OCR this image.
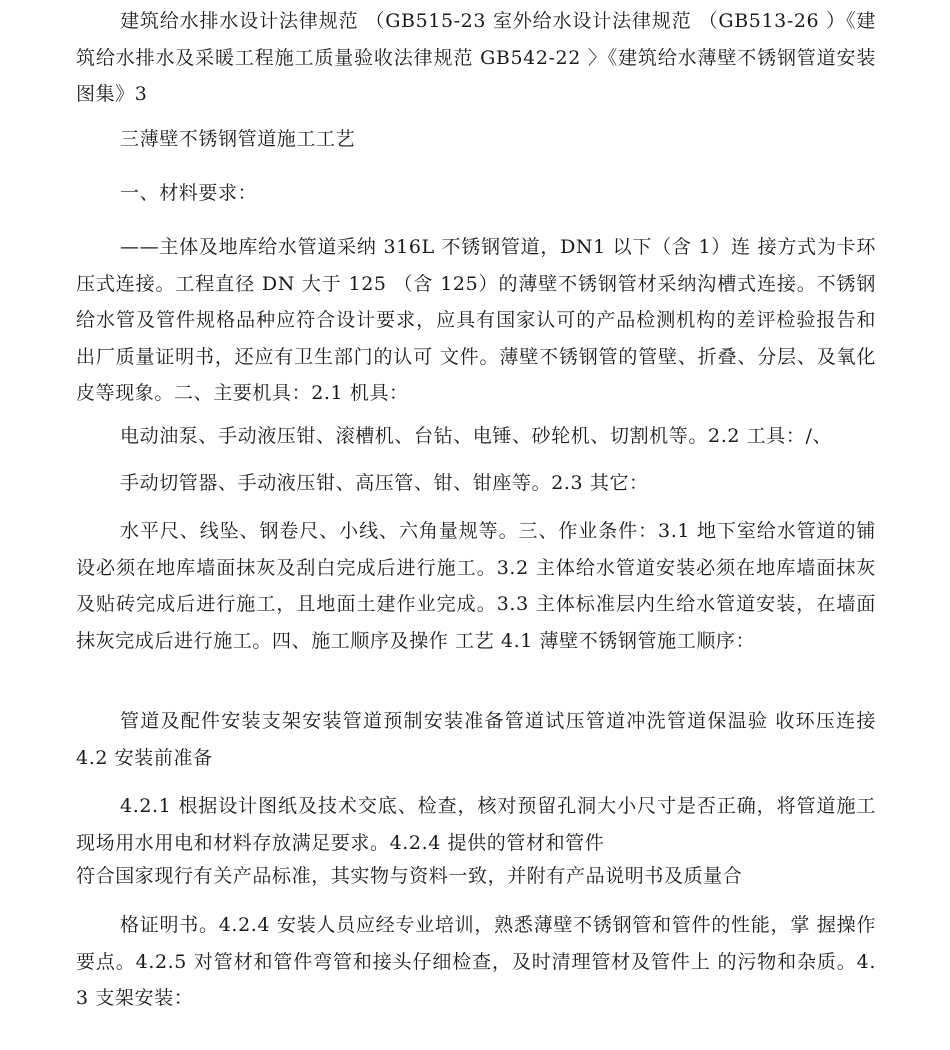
建筑给水排水设计法律规范 （GB515-23 室外给水设计法律规范 （GB513-26 ）《建筑给水排水及采暖工程施工质量验收法律规范 GB542-22 〉《建筑给水薄壁不锈钢管道安装图集》3

三薄壁不锈钢管道施工工艺

一、材料要求：

——主体及地库给水管道采纳 316L 不锈钢管道，DN1 以下（含 1）连 接方式为卡环压式连接。工程直径 DN 大于 125 （含 125）的薄壁不锈钢管材采纳沟槽式连接。不锈钢给水管及管件规格品种应符合设计要求，应具有国家认可的产品检测机构的差评检验报告和出厂质量证明书，还应有卫生部门的认可 文件。薄壁不锈钢管的管壁、折叠、分层、及氧化皮等现象。二、主要机具：2.1 机具：

电动油泵、手动液压钳、滚槽机、台钻、电锤、砂轮机、切割机等。2.2 工具：/、

手动切管器、手动液压钳、高压管、钳、钳座等。2.3 其它：

水平尺、线坠、钢卷尺、小线、六角量规等。三、作业条件：3.1 地下室给水管道的铺设必须在地库墙面抹灰及刮白完成后进行施工。3.2 主体给水管道安装必须在地库墙面抹灰及贴砖完成后进行施工，且地面土建作业完成。3.3 主体标准层内生给水管道安装，在墙面抹灰完成后进行施工。四、施工顺序及操作 工艺 4.1 薄壁不锈钢管施工顺序：

管道及配件安装支架安装管道预制安装准备管道试压管道冲洗管道保温验 收环压连接 4.2 安装前准备

4.2.1 根据设计图纸及技术交底、检查，核对预留孔洞大小尺寸是否正确，将管道施工现场用水用电和材料存放满足要求。4.2.4 提供的管材和管件

符合国家现行有关产品标准，其实物与资料一致，并附有产品说明书及质量合

格证明书。4.2.4 安装人员应经专业培训，熟悉薄壁不锈钢管和管件的性能，掌 握操作要点。4.2.5 对管材和管件弯管和接头仔细检查，及时清理管材及管件上 的污物和杂质。4.3 支架安装：
